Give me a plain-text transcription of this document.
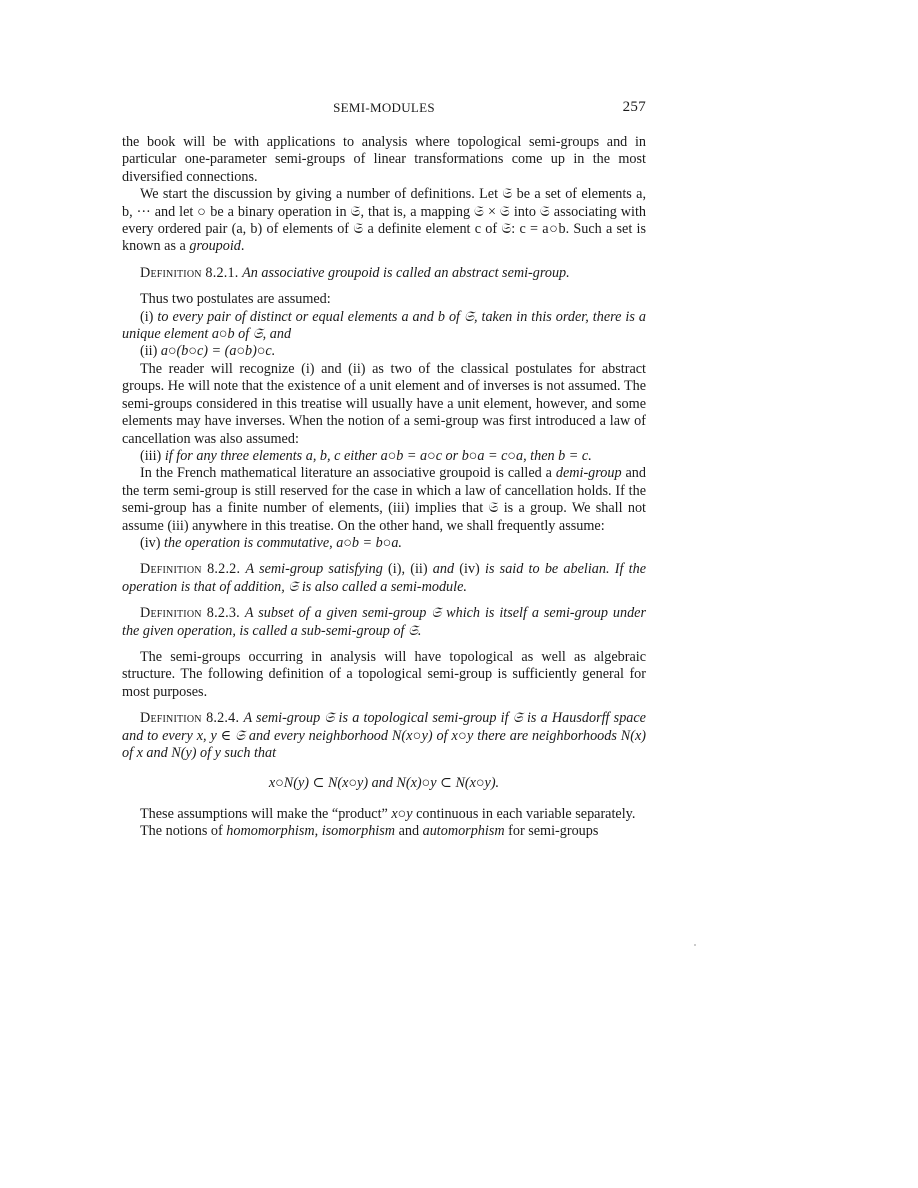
SEMI-MODULES	257

the book will be with applications to analysis where topological semi-groups and in particular one-parameter semi-groups of linear transformations come up in the most diversified connections.

We start the discussion by giving a number of definitions. Let 𝔖 be a set of elements a, b, ··· and let ○ be a binary operation in 𝔖, that is, a mapping 𝔖 × 𝔖 into 𝔖 associating with every ordered pair (a, b) of elements of 𝔖 a definite element c of 𝔖: c = a○b. Such a set is known as a groupoid.

Definition 8.2.1. An associative groupoid is called an abstract semi-group.

Thus two postulates are assumed:

(i) to every pair of distinct or equal elements a and b of 𝔖, taken in this order, there is a unique element a○b of 𝔖, and

(ii) a○(b○c) = (a○b)○c.

The reader will recognize (i) and (ii) as two of the classical postulates for abstract groups. He will note that the existence of a unit element and of inverses is not assumed. The semi-groups considered in this treatise will usually have a unit element, however, and some elements may have inverses. When the notion of a semi-group was first introduced a law of cancellation was also assumed:

(iii) if for any three elements a, b, c either a○b = a○c or b○a = c○a, then b = c.

In the French mathematical literature an associative groupoid is called a demi-group and the term semi-group is still reserved for the case in which a law of cancellation holds. If the semi-group has a finite number of elements, (iii) implies that 𝔖 is a group. We shall not assume (iii) anywhere in this treatise. On the other hand, we shall frequently assume:

(iv) the operation is commutative, a○b = b○a.

Definition 8.2.2. A semi-group satisfying (i), (ii) and (iv) is said to be abelian. If the operation is that of addition, 𝔖 is also called a semi-module.

Definition 8.2.3. A subset of a given semi-group 𝔖 which is itself a semi-group under the given operation, is called a sub-semi-group of 𝔖.

The semi-groups occurring in analysis will have topological as well as algebraic structure. The following definition of a topological semi-group is sufficiently general for most purposes.

Definition 8.2.4. A semi-group 𝔖 is a topological semi-group if 𝔖 is a Hausdorff space and to every x, y ∈ 𝔖 and every neighborhood N(x○y) of x○y there are neighborhoods N(x) of x and N(y) of y such that

x○N(y) ⊂ N(x○y) and N(x)○y ⊂ N(x○y).

These assumptions will make the “product” x○y continuous in each variable separately.

The notions of homomorphism, isomorphism and automorphism for semi-groups
